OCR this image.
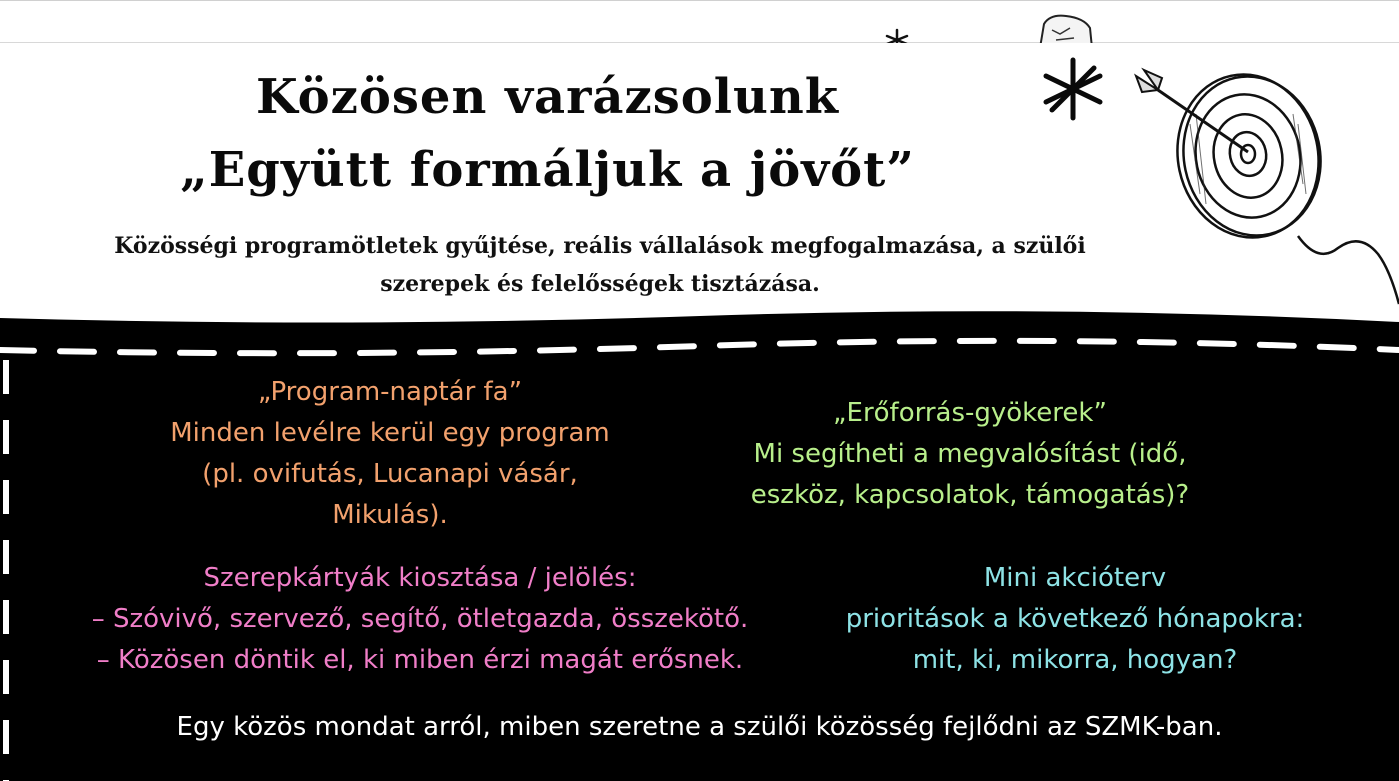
Közösen varázsolunk
„Együtt formáljuk a jövőt”
Közösségi programötletek gyűjtése, reális vállalások megfogalmazása, a szülői
szerepek és felelősségek tisztázása.
„Program-naptár fa”
Minden levélre kerül egy program
(pl. ovifutás, Lucanapi vásár,
Mikulás).
„Erőforrás-gyökerek”
Mi segítheti a megvalósítást (idő,
eszköz, kapcsolatok, támogatás)?
Szerepkártyák kiosztása / jelölés:
– Szóvivő, szervező, segítő, ötletgazda, összekötő.
– Közösen döntik el, ki miben érzi magát erősnek.
Mini akcióterv
prioritások a következő hónapokra:
mit, ki, mikorra, hogyan?
Egy közös mondat arról, miben szeretne a szülői közösség fejlődni az SZMK-ban.
